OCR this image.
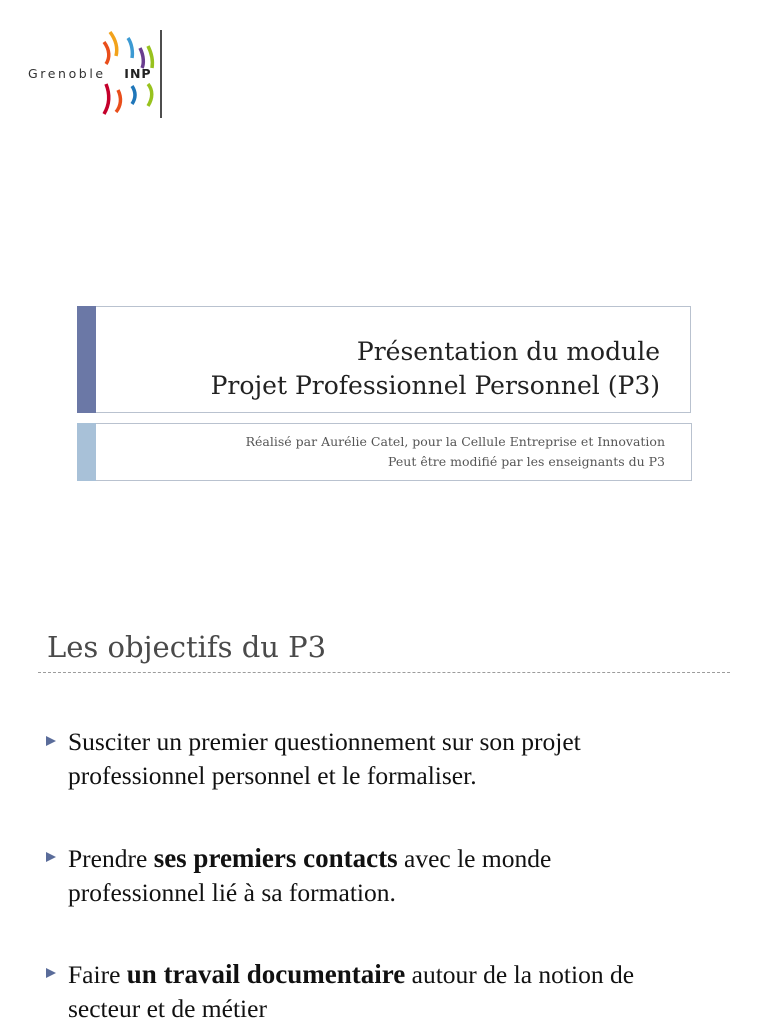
Grenoble INP
Présentation du module
Projet Professionnel Personnel (P3)
Réalisé par Aurélie Catel, pour la Cellule Entreprise et Innovation
Peut être modifié par les enseignants du P3
Les objectifs du P3
Susciter un premier questionnement sur son projet
professionnel personnel et le formaliser.
Prendre ses premiers contacts avec le monde
professionnel lié à sa formation.
Faire un travail documentaire autour de la notion de
secteur et de métier
